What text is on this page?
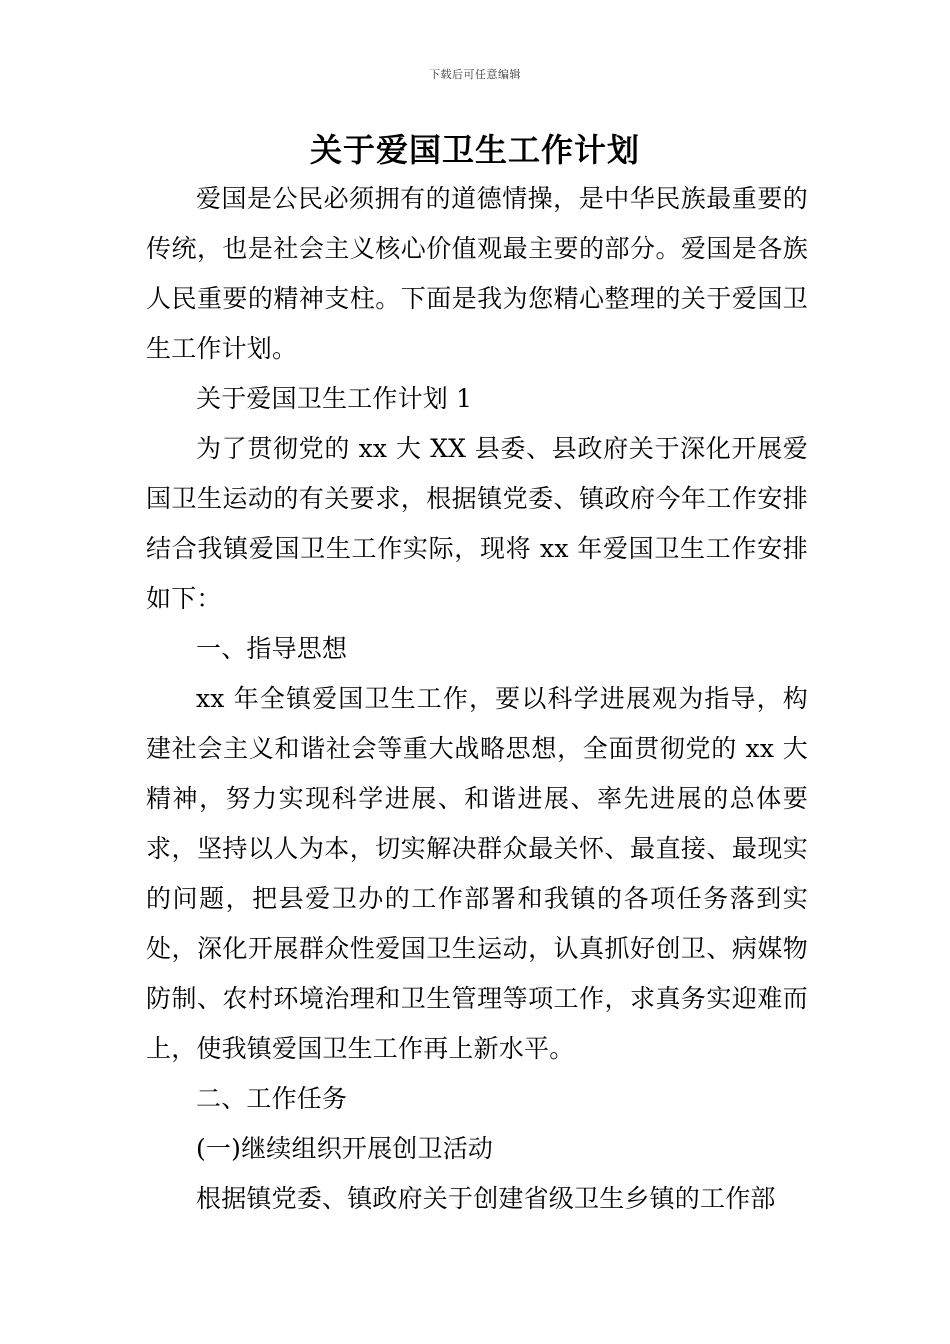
下载后可任意编辑
关于爱国卫生工作计划

爱国是公民必须拥有的道德情操，是中华民族最重要的传统，也是社会主义核心价值观最主要的部分。爱国是各族人民重要的精神支柱。下面是我为您精心整理的关于爱国卫生工作计划。

关于爱国卫生工作计划 1

为了贯彻党的 xx 大 XX 县委、县政府关于深化开展爱国卫生运动的有关要求，根据镇党委、镇政府今年工作安排结合我镇爱国卫生工作实际，现将 xx 年爱国卫生工作安排如下：

一、指导思想

xx 年全镇爱国卫生工作，要以科学进展观为指导，构建社会主义和谐社会等重大战略思想，全面贯彻党的 xx 大精神，努力实现科学进展、和谐进展、率先进展的总体要求，坚持以人为本，切实解决群众最关怀、最直接、最现实的问题，把县爱卫办的工作部署和我镇的各项任务落到实处，深化开展群众性爱国卫生运动，认真抓好创卫、病媒物防制、农村环境治理和卫生管理等项工作，求真务实迎难而上，使我镇爱国卫生工作再上新水平。

二、工作任务

(一)继续组织开展创卫活动

根据镇党委、镇政府关于创建省级卫生乡镇的工作部
